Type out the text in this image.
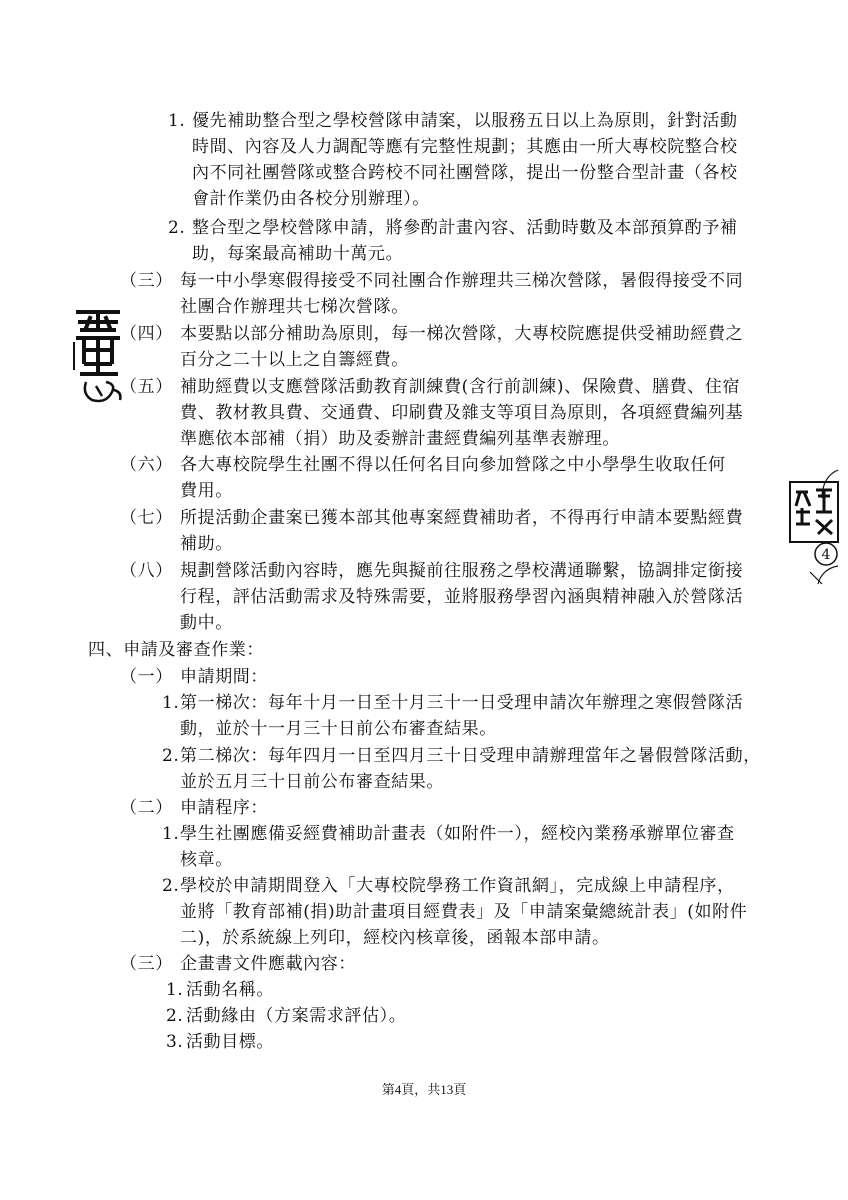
1. 優先補助整合型之學校營隊申請案，以服務五日以上為原則，針對活動
時間、內容及人力調配等應有完整性規劃；其應由一所大專校院整合校
內不同社團營隊或整合跨校不同社團營隊，提出一份整合型計畫（各校
會計作業仍由各校分別辦理）。
2. 整合型之學校營隊申請，將參酌計畫內容、活動時數及本部預算酌予補
助，每案最高補助十萬元。
（三） 每一中小學寒假得接受不同社團合作辦理共三梯次營隊，暑假得接受不同
社團合作辦理共七梯次營隊。
（四） 本要點以部分補助為原則，每一梯次營隊，大專校院應提供受補助經費之
百分之二十以上之自籌經費。
（五） 補助經費以支應營隊活動教育訓練費(含行前訓練)、保險費、膳費、住宿
費、教材教具費、交通費、印刷費及雜支等項目為原則，各項經費編列基
準應依本部補（捐）助及委辦計畫經費編列基準表辦理。
（六） 各大專校院學生社團不得以任何名目向參加營隊之中小學學生收取任何
費用。
（七） 所提活動企畫案已獲本部其他專案經費補助者，不得再行申請本要點經費
補助。
（八） 規劃營隊活動內容時，應先與擬前往服務之學校溝通聯繫，協調排定銜接
行程，評估活動需求及特殊需要，並將服務學習內涵與精神融入於營隊活
動中。
四、申請及審查作業：
（一） 申請期間：
1. 第一梯次：每年十月一日至十月三十一日受理申請次年辦理之寒假營隊活
動，並於十一月三十日前公布審查結果。
2. 第二梯次：每年四月一日至四月三十日受理申請辦理當年之暑假營隊活動，
並於五月三十日前公布審查結果。
（二） 申請程序：
1. 學生社團應備妥經費補助計畫表（如附件一），經校內業務承辦單位審查
核章。
2. 學校於申請期間登入「大專校院學務工作資訊網」，完成線上申請程序，
並將「教育部補(捐)助計畫項目經費表」及「申請案彙總統計表」(如附件
二)，於系統線上列印，經校內核章後，函報本部申請。
（三） 企畫書文件應載內容：
1. 活動名稱。
2. 活動緣由（方案需求評估）。
3. 活動目標。
第4頁，共13頁
4
